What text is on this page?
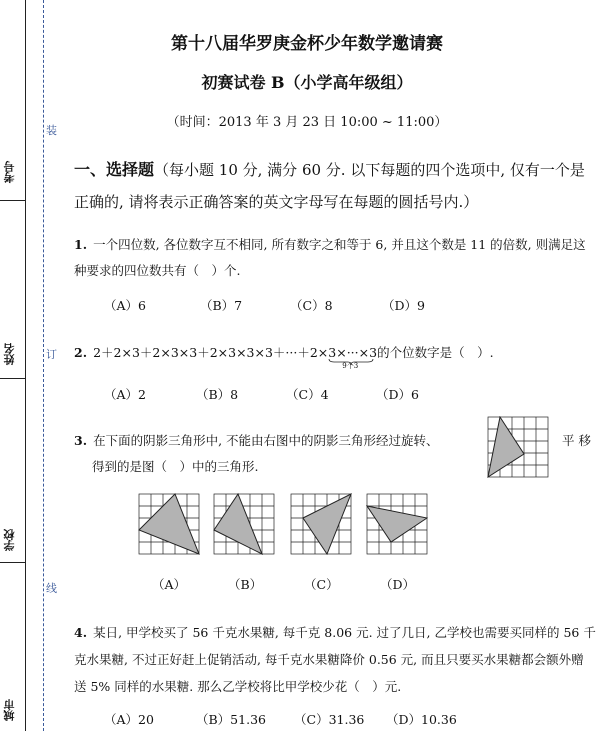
装
订
线
考号
姓名
学校
城市
第十八届华罗庚金杯少年数学邀请赛
初赛试卷 B（小学高年级组）
（时间：2013 年 3 月 23 日 10:00 ~ 11:00）
一、选择题（每小题 10 分, 满分 60 分. 以下每题的四个选项中, 仅有一个是正确的, 请将表示正确答案的英文字母写在每题的圆括号内.）
1. 一个四位数, 各位数字互不相同, 所有数字之和等于 6, 并且这个数是 11 的倍数, 则满足这种要求的四位数共有（　）个.
（A）6	（B）7	（C）8	（D）9
2. 2＋2×3＋2×3×3＋2×3×3×3＋···＋2×3×···×3
9个3
的个位数字是（　）.
（A）2	（B）8	（C）4	（D）6
3. 在下面的阴影三角形中, 不能由右图中的阴影三角形经过旋转、
得到的是图（　）中的三角形.
平 移
（A）	（B）	（C）	（D）
4. 某日, 甲学校买了 56 千克水果糖, 每千克 8.06 元. 过了几日, 乙学校也需要买同样的 56 千克水果糖, 不过正好赶上促销活动, 每千克水果糖降价 0.56 元, 而且只要买水果糖都会额外赠送 5% 同样的水果糖. 那么乙学校将比甲学校少花（　）元.
（A）20	（B）51.36 （C）31.36 （D）10.36
